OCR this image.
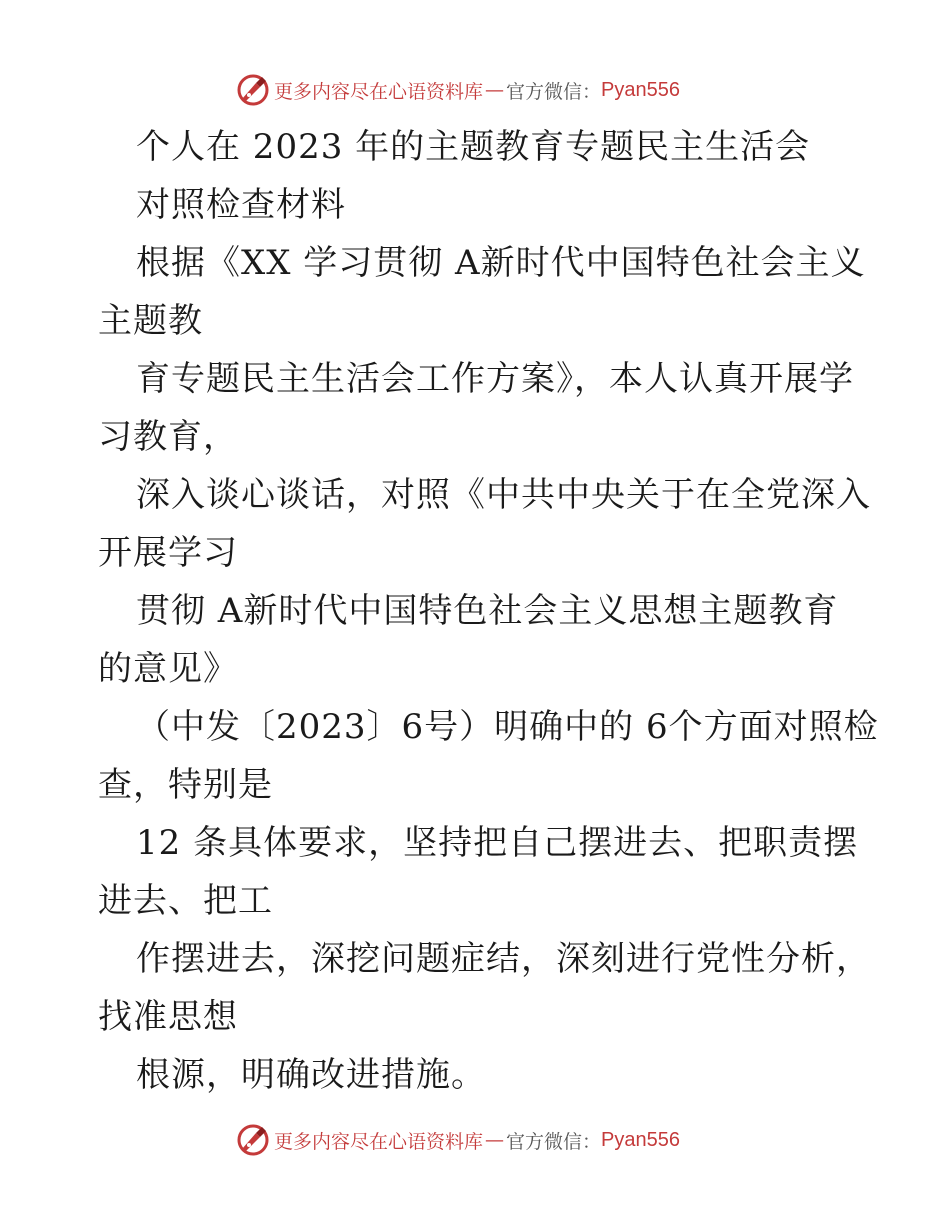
更多内容尽在心语资料库 — 官方微信： Pyan556
个人在 2023 年的主题教育专题民主生活会
对照检查材料
根据《XX 学习贯彻 A新时代中国特色社会主义
主题教
育专题民主生活会工作方案》，本人认真开展学
习教育，
深入谈心谈话，对照《中共中央关于在全党深入
开展学习
贯彻 A新时代中国特色社会主义思想主题教育
的意见》
（中发〔2023〕6号）明确中的 6个方面对照检
查，特别是
12 条具体要求，坚持把自己摆进去、把职责摆
进去、把工
作摆进去，深挖问题症结，深刻进行党性分析，
找准思想
根源，明确改进措施。
更多内容尽在心语资料库 — 官方微信： Pyan556
